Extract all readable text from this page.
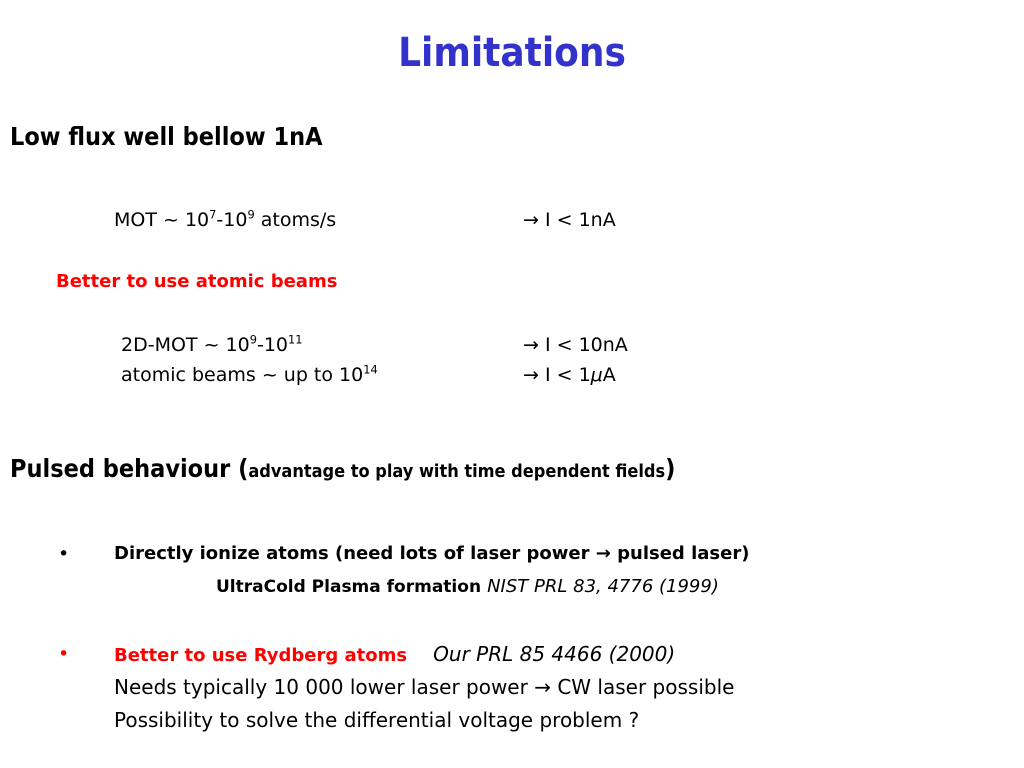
Limitations
Low flux well bellow 1nA
MOT ~ $10^7-10^9$ atoms/s	→ I < 1nA
Better to use atomic beams
2D-MOT ~ $10^9-10^{11}$	→ I < 10nA
atomic beams ~ up to $10^{14}$	→ I < 1μA
Pulsed behaviour (advantage to play with time dependent fields)
• Directly ionize atoms (need lots of laser power → pulsed laser)
UltraCold Plasma formation NIST PRL 83, 4776 (1999)
• Better to use Rydberg atoms Our PRL 85 4466 (2000)
Needs typically 10 000 lower laser power → CW laser possible
Possibility to solve the differential voltage problem ?
